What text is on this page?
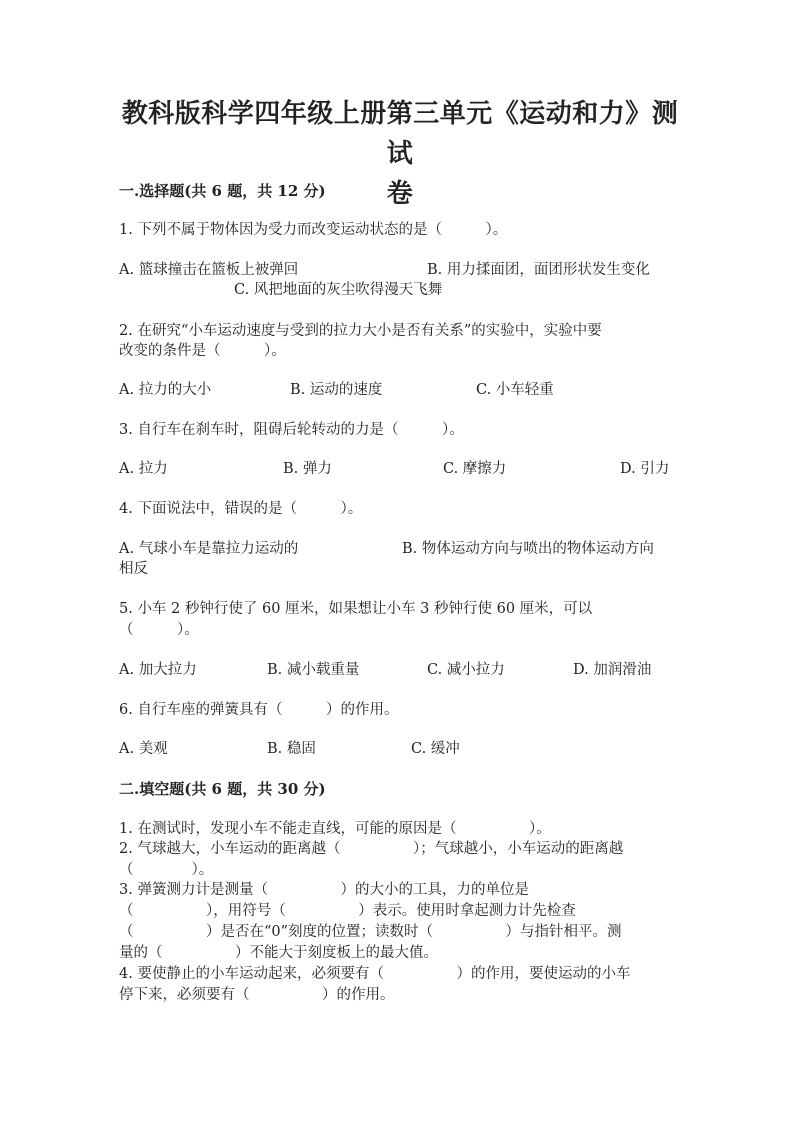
教科版科学四年级上册第三单元《运动和力》测试
卷
一.选择题(共 6 题，共 12 分)
1. 下列不属于物体因为受力而改变运动状态的是（　　　）。
A. 篮球撞击在篮板上被弹回	B. 用力揉面团，面团形状发生变化
C. 风把地面的灰尘吹得漫天飞舞
2. 在研究“小车运动速度与受到的拉力大小是否有关系”的实验中，实验中要
改变的条件是（　　　）。
A. 拉力的大小	B. 运动的速度	C. 小车轻重
3. 自行车在刹车时，阻碍后轮转动的力是（　　　）。
A. 拉力	B. 弹力	C. 摩擦力	D. 引力
4. 下面说法中，错误的是（　　　）。
A. 气球小车是靠拉力运动的	B. 物体运动方向与喷出的物体运动方向
相反
5. 小车 2 秒钟行使了 60 厘米，如果想让小车 3 秒钟行使 60 厘米，可以
（　　　）。
A. 加大拉力	B. 减小载重量	C. 减小拉力	D. 加润滑油
6. 自行车座的弹簧具有（　　　）的作用。
A. 美观	B. 稳固	C. 缓冲
二.填空题(共 6 题，共 30 分)
1. 在测试时，发现小车不能走直线，可能的原因是（　　　　　）。
2. 气球越大，小车运动的距离越（　　　　　）；气球越小，小车运动的距离越
（　　　　）。
3. 弹簧测力计是测量（　　　　　）的大小的工具，力的单位是
（　　　　　），用符号（　　　　　）表示。使用时拿起测力计先检查
（　　　　　）是否在“0”刻度的位置；读数时（　　　　　）与指针相平。测
量的（　　　　　）不能大于刻度板上的最大值。
4. 要使静止的小车运动起来，必须要有（　　　　　）的作用，要使运动的小车
停下来，必须要有（　　　　　）的作用。
